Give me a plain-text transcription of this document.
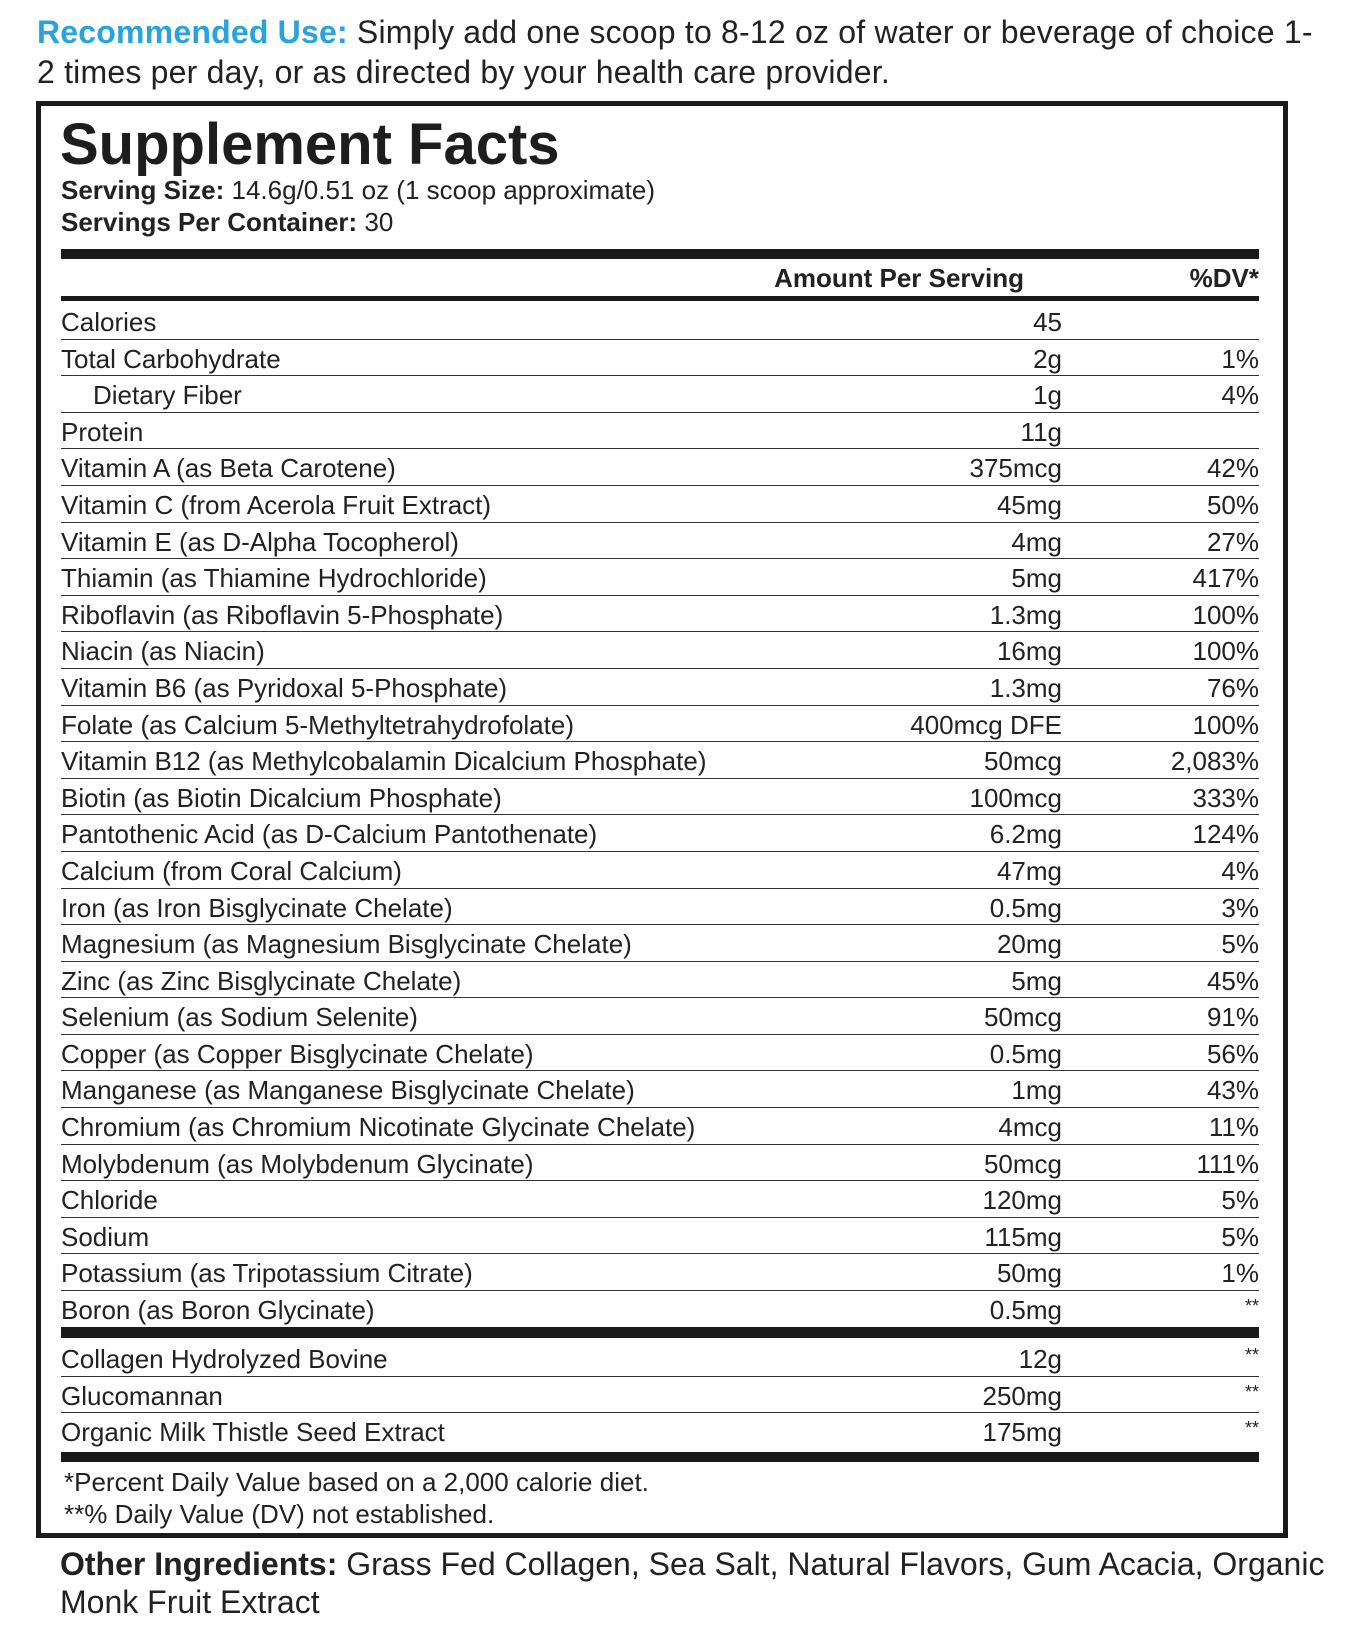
Recommended Use: Simply add one scoop to 8-12 oz of water or beverage of choice 1-2 times per day, or as directed by your health care provider.
Supplement Facts
Serving Size: 14.6g/0.51 oz (1 scoop approximate)
Servings Per Container: 30
Amount Per Serving	%DV*
Calories	45
Total Carbohydrate	2g	1%
Dietary Fiber	1g	4%
Protein	11g
Vitamin A (as Beta Carotene)	375mcg	42%
Vitamin C (from Acerola Fruit Extract)	45mg	50%
Vitamin E (as D-Alpha Tocopherol)	4mg	27%
Thiamin (as Thiamine Hydrochloride)	5mg	417%
Riboflavin (as Riboflavin 5-Phosphate)	1.3mg	100%
Niacin (as Niacin)	16mg	100%
Vitamin B6 (as Pyridoxal 5-Phosphate)	1.3mg	76%
Folate (as Calcium 5-Methyltetrahydrofolate)	400mcg DFE	100%
Vitamin B12 (as Methylcobalamin Dicalcium Phosphate)	50mcg	2,083%
Biotin (as Biotin Dicalcium Phosphate)	100mcg	333%
Pantothenic Acid (as D-Calcium Pantothenate)	6.2mg	124%
Calcium (from Coral Calcium)	47mg	4%
Iron (as Iron Bisglycinate Chelate)	0.5mg	3%
Magnesium (as Magnesium Bisglycinate Chelate)	20mg	5%
Zinc (as Zinc Bisglycinate Chelate)	5mg	45%
Selenium (as Sodium Selenite)	50mcg	91%
Copper (as Copper Bisglycinate Chelate)	0.5mg	56%
Manganese (as Manganese Bisglycinate Chelate)	1mg	43%
Chromium (as Chromium Nicotinate Glycinate Chelate)	4mcg	11%
Molybdenum (as Molybdenum Glycinate)	50mcg	111%
Chloride	120mg	5%
Sodium	115mg	5%
Potassium (as Tripotassium Citrate)	50mg	1%
Boron (as Boron Glycinate)	0.5mg	**
Collagen Hydrolyzed Bovine	12g	**
Glucomannan	250mg	**
Organic Milk Thistle Seed Extract	175mg	**
*Percent Daily Value based on a 2,000 calorie diet.
**% Daily Value (DV) not established.
Other Ingredients: Grass Fed Collagen, Sea Salt, Natural Flavors, Gum Acacia, Organic Monk Fruit Extract
